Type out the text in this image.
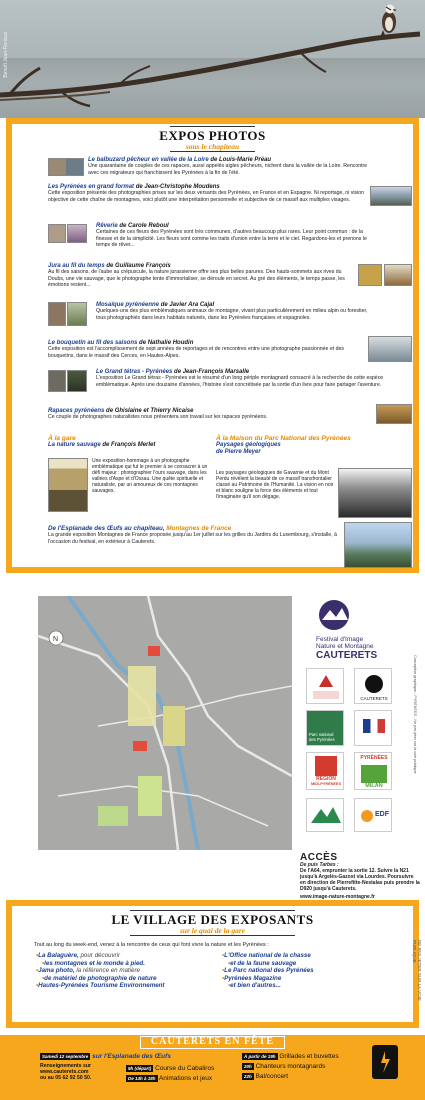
Benoît Jean-Renaux
EXPOS PHOTOS
sous le chapiteau
Le balbuzard pêcheur en vallée de la Loire de Louis-Marie Préau
Une quarantaine de couples de ces rapaces, aussi appelés aigles pêcheurs, nichent dans la vallée de la Loire. Rencontre avec ces migrateurs qui franchissent les Pyrénées à la fin de l'été.
Les Pyrénées en grand format de Jean-Christophe Moudens
Cette exposition présente des photographies prises sur les deux versants des Pyrénées, en France et en Espagne. Ni reportage, ni vision objective de cette chaîne de montagnes, voici plutôt une interprétation personnelle et subjective de ce massif aux multiples visages.
Rêverie de Carole Reboul
Certaines de ces fleurs des Pyrénées sont très communes, d'autres beaucoup plus rares. Leur point commun : de la finesse et de la simplicité. Les fleurs sont comme les traits d'union entre la terre et le ciel. Regardons-les et prenons le temps de rêver...
Jura au fil du temps de Guillaume François
Au fil des saisons, de l'aube au crépuscule, la nature jurassienne offre ses plus belles parures. Des hauts-sommets aux rives du Doubs, une vie sauvage, que le photographe tente d'immortaliser, se déroule en secret. Au gré des éléments, le temps passe, les émotions restent...
Mosaïque pyrénéenne de Javier Ara Cajal
Quelques-uns des plus emblématiques animaux de montagne, vivant plus particulièrement en milieu alpin ou forestier, tous photographiés dans leurs habitats naturels, dans les Pyrénées françaises et espagnoles.
Le bouquetin au fil des saisons de Nathalie Houdin
Cette exposition est l'accomplissement de sept années de reportages et de rencontres entre une photographe passionnée et des bouquetins, dans le massif des Cerces, en Hautes-Alpes.
Le Grand tétras - Pyrénées de Jean-François Marsalle
L'exposition Le Grand tétras - Pyrénées est le résumé d'un long périple montagnard consacré à la recherche de cette espèce emblématique. Après une douzaine d'années, l'histoire s'est concrétisée par la sortie d'un livre pour faire partager l'aventure.
Rapaces pyrénéens de Ghislaine et Thierry Nicaise
Ce couple de photographes naturalistes nous présentera son travail sur les rapaces pyrénéens.
À la gare
La nature sauvage de François Merlet
Une exposition-hommage à un photographe emblématique qui fut le premier à se consacrer à un défi majeur : photographier l'ours sauvage, dans les vallées d'Aspe et d'Ossau. Une quête spirituelle et naturaliste, par un amoureux de ces montagnes sauvages.
À la Maison du Parc National des Pyrénées
Paysages géologiques
de Pierre Meyer
Les paysages géologiques de Gavarnie et du Mont Perdu révèlent la beauté de ce massif transfrontalier classé au Patrimoine de l'Humanité. La vision en noir et blanc souligne la force des éléments et tout l'imaginaire qu'il son dégage.
De l'Esplanade des Œufs au chapiteau, Montagnes de France
La grande exposition Montagnes de France proposée jusqu'au 1er juillet sur les grilles du Jardins du Luxembourg, s'installe, à l'occasion du festival, en extérieur à Cauterets.
N	Festival d'Image
Nature et Montagne
CAUTERETS
CAUTERETS
Parc national
des Pyrénées
RÉGION
MIDI-PYRÉNÉES
PYRÉNÉES
MILAN
EDF
ACCÈS
De puis Tarbes :
De l'A64, emprunter la sortie 12. Suivre la N21 jusqu'à Argelès-Gazost via Lourdes. Poursuivre en direction de Pierrefitte-Nestalas puis prendre la D920 jusqu'à Cauterets.
www.image-nature-montagne.fr
LE VILLAGE DES EXPOSANTS
sur le quai de la gare
Tout au long du week-end, venez à la rencontre de ceux qui font vivre la nature et les Pyrénées :
• La Balaguère, pour découvrir
• les montagnes et le monde à pied.
• Jama photo, la référence en matière
• de matériel de photographie de nature
• Hautes-Pyrénées Tourisme Environnement
• L'Office national de la chasse
• et de la faune sauvage
• Le Parc national des Pyrénées
• Pyrénées Magazine
• et bien d'autres...	NE PAS JETER SUR LA VOIE PUBLIQUE
Conception graphique : PYRÉNÉES - Ne pas jeter sur la voie publique
CAUTERETS EN FÊTE
Samedi 12 septembre sur l'Esplanade des Œufs
Renseignements sur
www.cauterets.com
ou au 05 62 92 50 50.
9h (départ) Course du Cabaliros
De 14h à 18h Animations et jeux
À partir de 19h Grillades et buvettes
20h Chanteurs montagnards
22h Bal/concert
